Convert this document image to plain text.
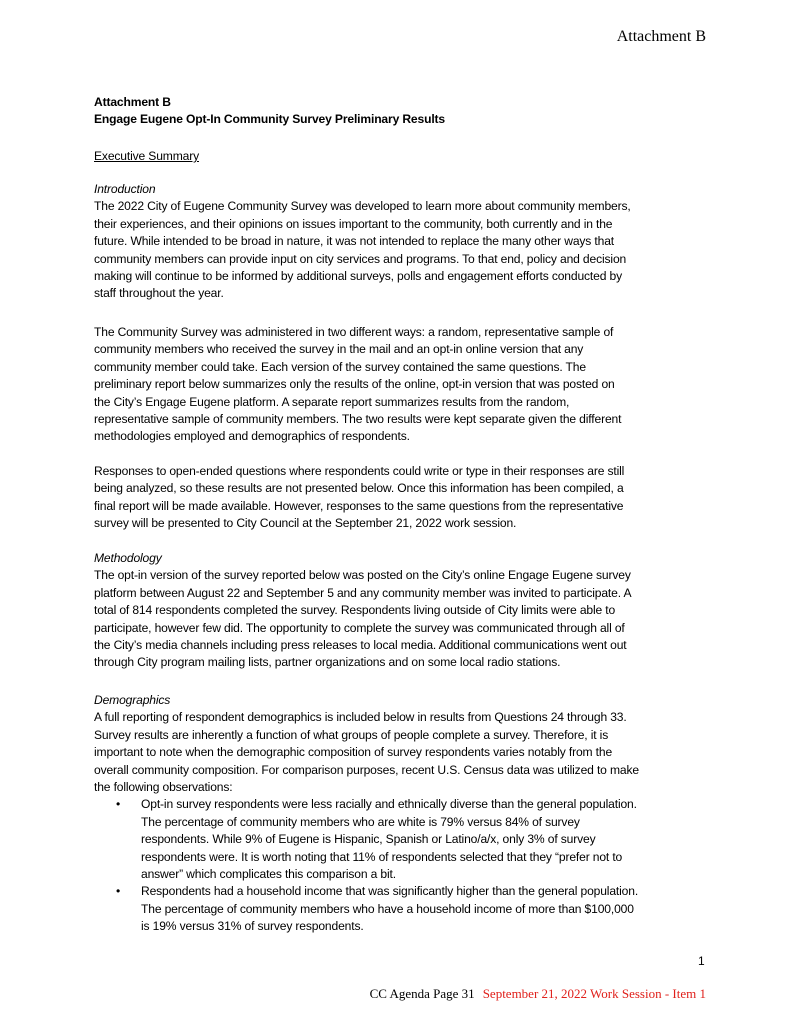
Attachment B
Attachment B
Engage Eugene Opt-In Community Survey Preliminary Results
Executive Summary
Introduction
The 2022 City of Eugene Community Survey was developed to learn more about community members,
their experiences, and their opinions on issues important to the community, both currently and in the
future. While intended to be broad in nature, it was not intended to replace the many other ways that
community members can provide input on city services and programs. To that end, policy and decision
making will continue to be informed by additional surveys, polls and engagement efforts conducted by
staff throughout the year.
The Community Survey was administered in two different ways: a random, representative sample of
community members who received the survey in the mail and an opt-in online version that any
community member could take. Each version of the survey contained the same questions. The
preliminary report below summarizes only the results of the online, opt-in version that was posted on
the City’s Engage Eugene platform. A separate report summarizes results from the random,
representative sample of community members. The two results were kept separate given the different
methodologies employed and demographics of respondents.
Responses to open-ended questions where respondents could write or type in their responses are still
being analyzed, so these results are not presented below. Once this information has been compiled, a
final report will be made available. However, responses to the same questions from the representative
survey will be presented to City Council at the September 21, 2022 work session.
Methodology
The opt-in version of the survey reported below was posted on the City’s online Engage Eugene survey
platform between August 22 and September 5 and any community member was invited to participate. A
total of 814 respondents completed the survey. Respondents living outside of City limits were able to
participate, however few did. The opportunity to complete the survey was communicated through all of
the City’s media channels including press releases to local media. Additional communications went out
through City program mailing lists, partner organizations and on some local radio stations.
Demographics
A full reporting of respondent demographics is included below in results from Questions 24 through 33.
Survey results are inherently a function of what groups of people complete a survey. Therefore, it is
important to note when the demographic composition of survey respondents varies notably from the
overall community composition. For comparison purposes, recent U.S. Census data was utilized to make
the following observations:
• Opt-in survey respondents were less racially and ethnically diverse than the general population.
The percentage of community members who are white is 79% versus 84% of survey
respondents. While 9% of Eugene is Hispanic, Spanish or Latino/a/x, only 3% of survey
respondents were. It is worth noting that 11% of respondents selected that they “prefer not to
answer” which complicates this comparison a bit.
• Respondents had a household income that was significantly higher than the general population.
The percentage of community members who have a household income of more than $100,000
is 19% versus 31% of survey respondents.
1
CC Agenda Page 31 September 21, 2022 Work Session - Item 1
